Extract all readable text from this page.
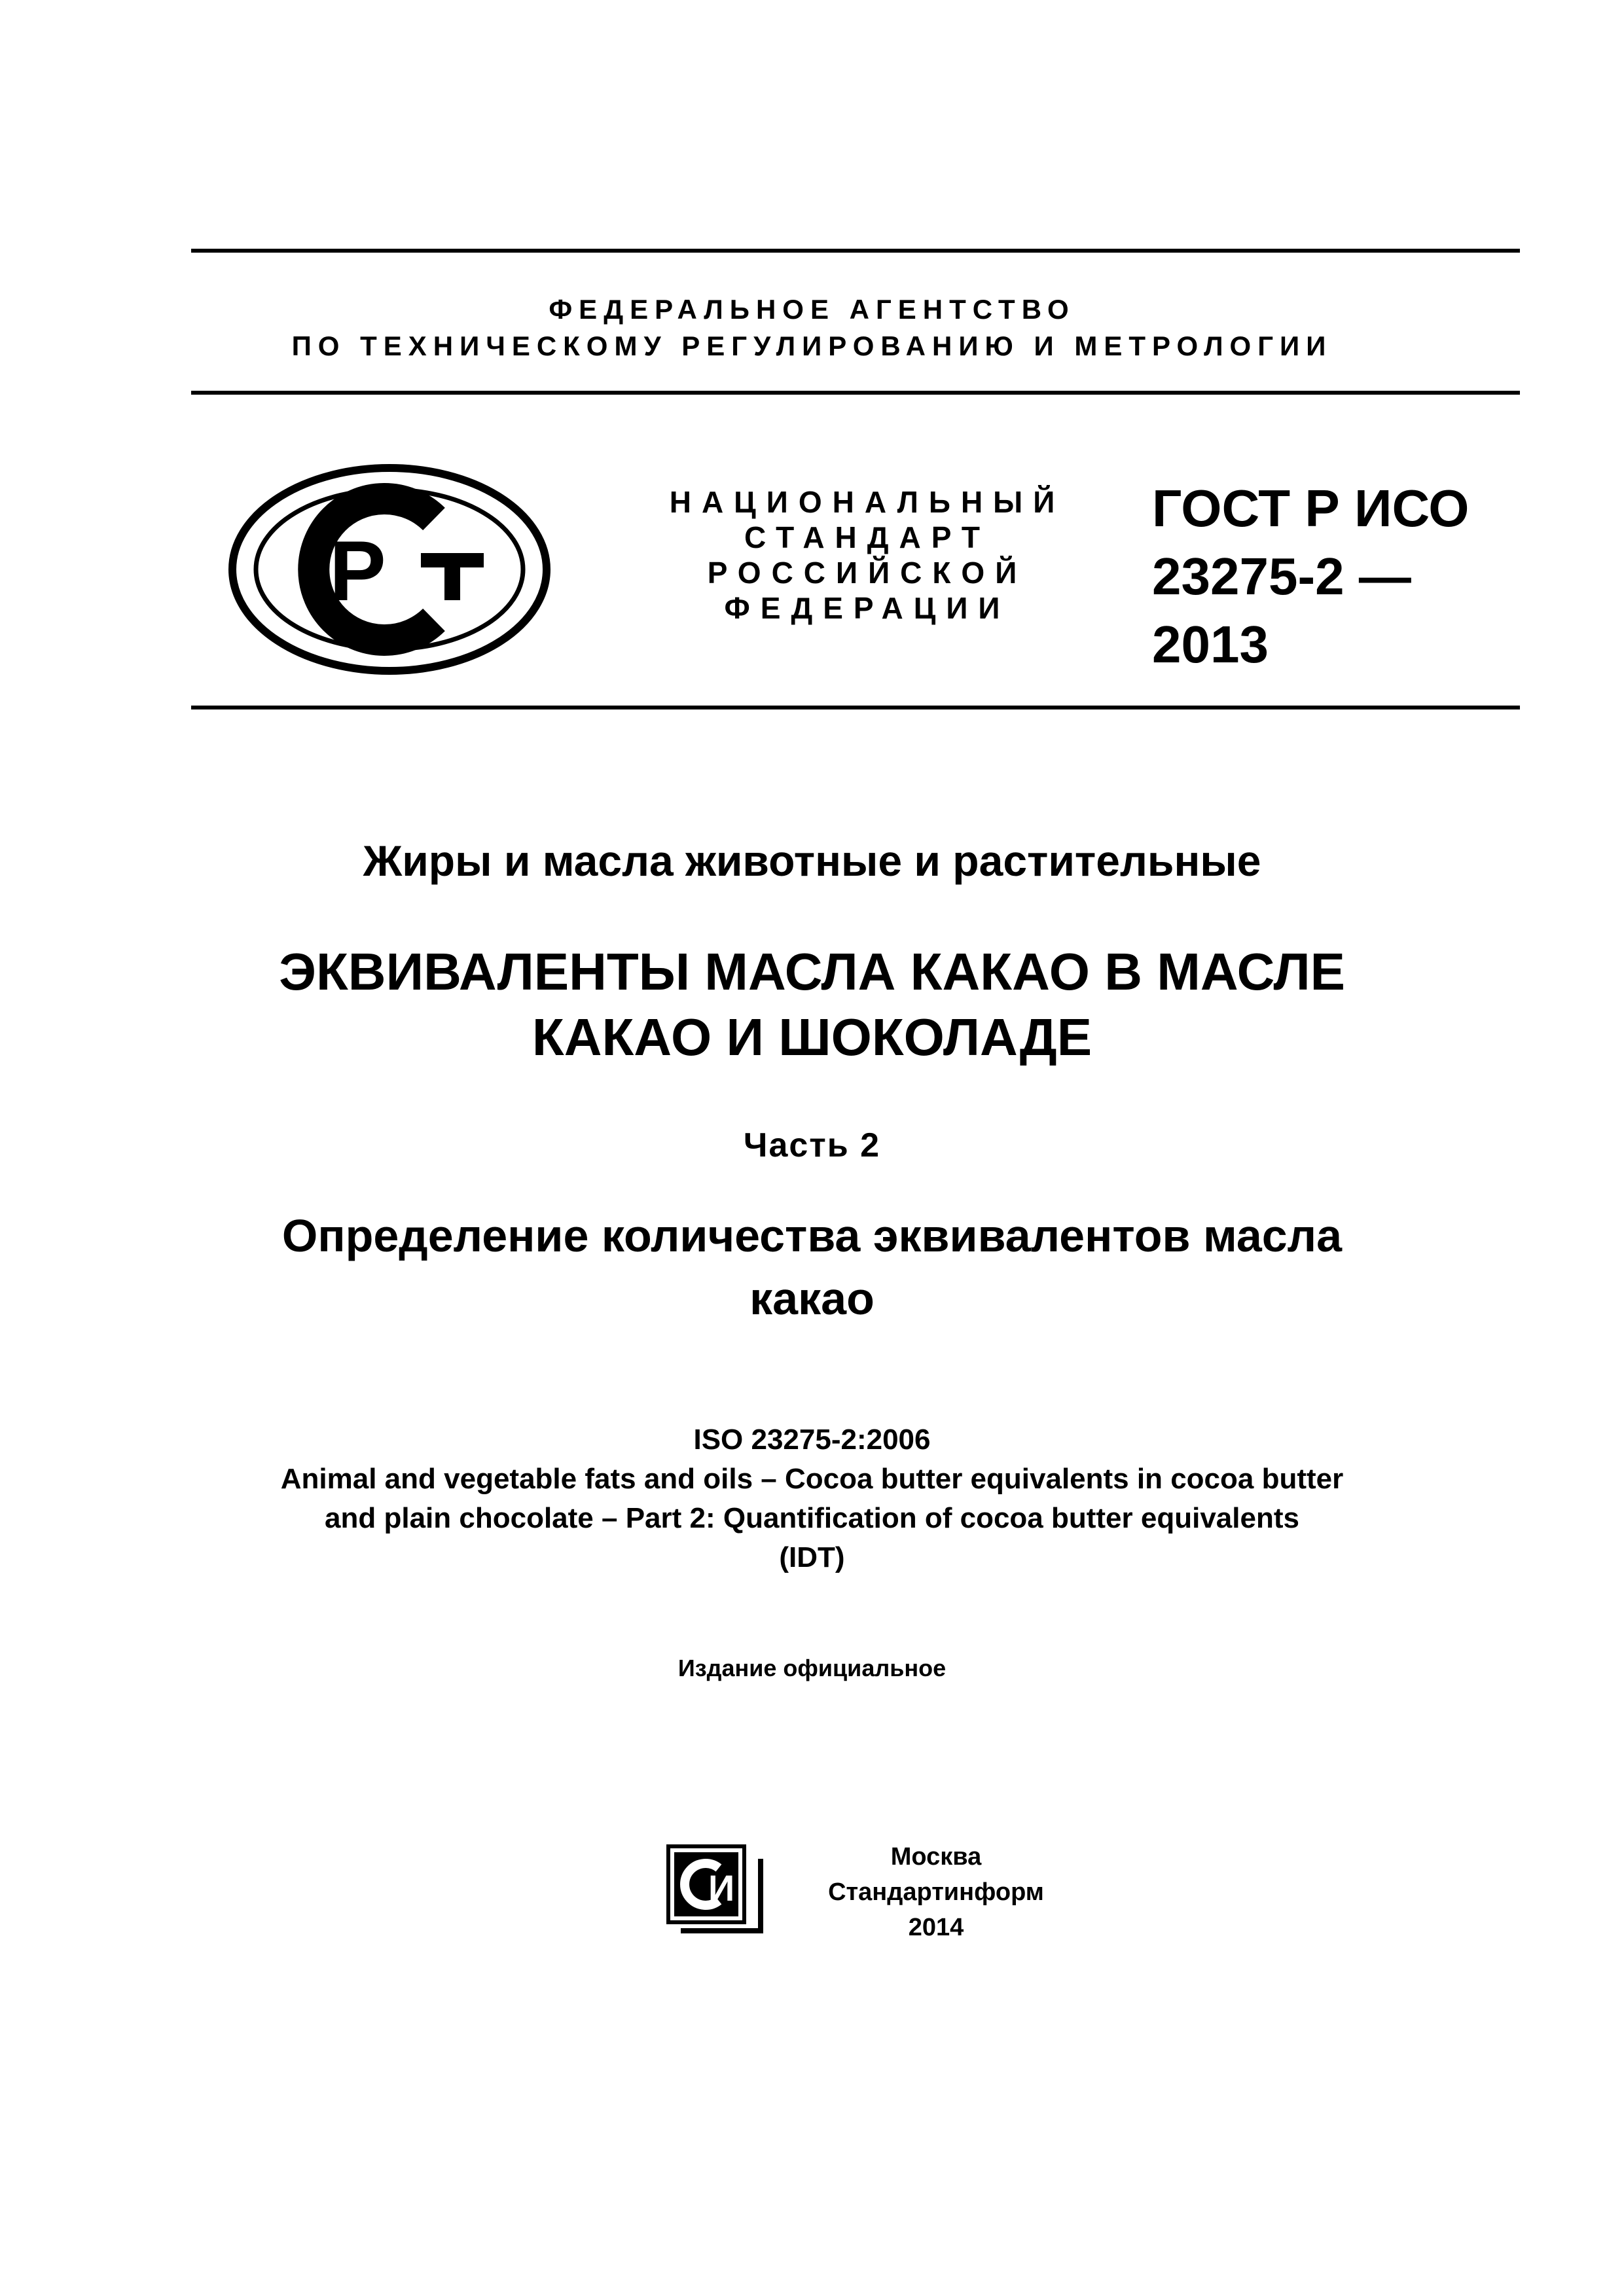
ФЕДЕРАЛЬНОЕ АГЕНТСТВО
ПО ТЕХНИЧЕСКОМУ РЕГУЛИРОВАНИЮ И МЕТРОЛОГИИ
Р
НАЦИОНАЛЬНЫЙ
СТАНДАРТ
РОССИЙСКОЙ
ФЕДЕРАЦИИ
ГОСТ Р ИСО
23275-2 —
2013
Жиры и масла животные и растительные
ЭКВИВАЛЕНТЫ МАСЛА КАКАО В МАСЛЕ
КАКАО И ШОКОЛАДЕ
Часть 2
Определение количества эквивалентов масла
какао
ISO 23275-2:2006
Animal and vegetable fats and oils – Cocoa butter equivalents in cocoa butter
and plain chocolate – Part 2: Quantification of cocoa butter equivalents
(IDT)
Издание официальное
И
Москва
Стандартинформ
2014
